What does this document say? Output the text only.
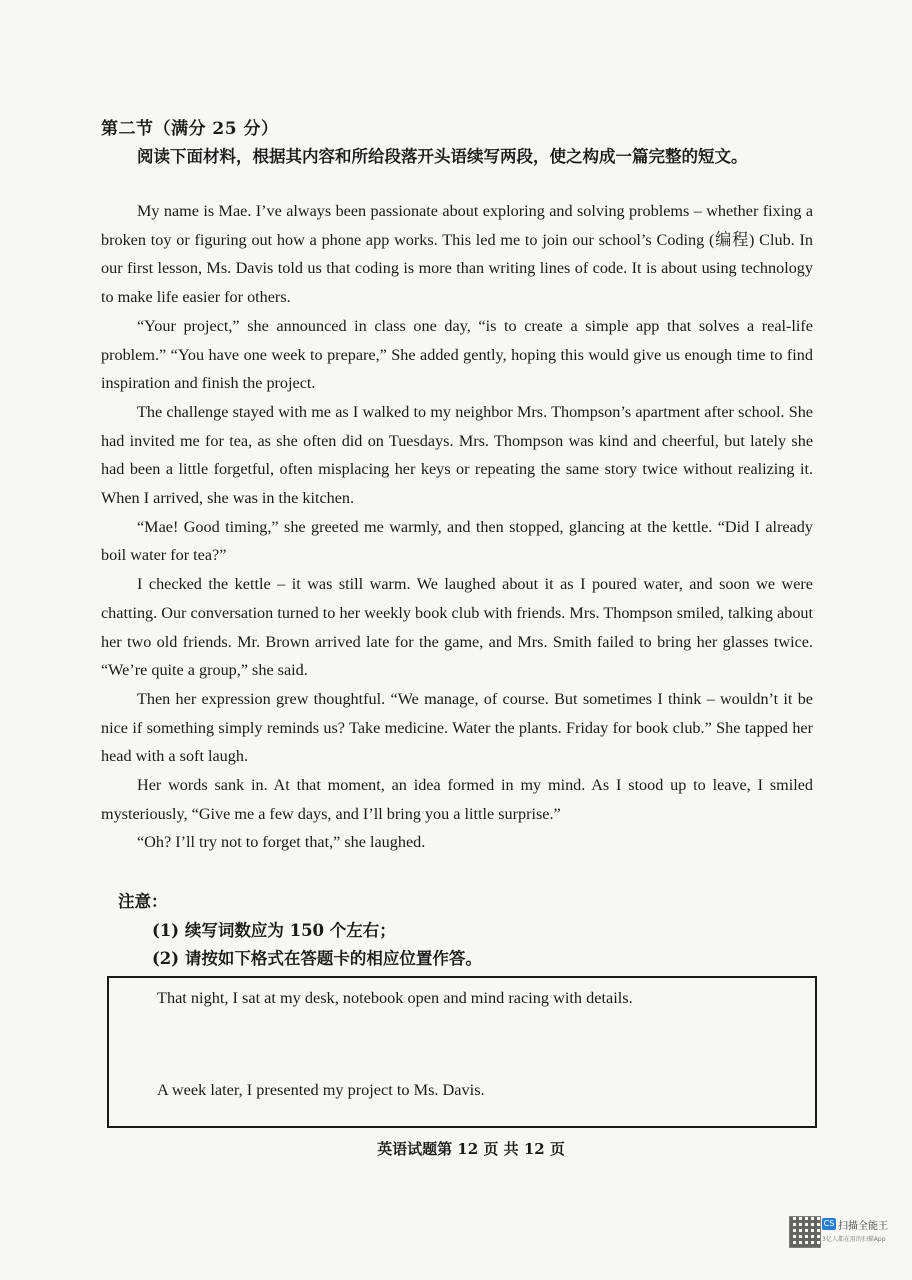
第二节（满分 25 分）
阅读下面材料，根据其内容和所给段落开头语续写两段，使之构成一篇完整的短文。

My name is Mae. I’ve always been passionate about exploring and solving problems – whether fixing a broken toy or figuring out how a phone app works. This led me to join our school’s Coding (编程) Club. In our first lesson, Ms. Davis told us that coding is more than writing lines of code. It is about using technology to make life easier for others.

“Your project,” she announced in class one day, “is to create a simple app that solves a real-life problem.” “You have one week to prepare,” She added gently, hoping this would give us enough time to find inspiration and finish the project.

The challenge stayed with me as I walked to my neighbor Mrs. Thompson’s apartment after school. She had invited me for tea, as she often did on Tuesdays. Mrs. Thompson was kind and cheerful, but lately she had been a little forgetful, often misplacing her keys or repeating the same story twice without realizing it. When I arrived, she was in the kitchen.

“Mae! Good timing,” she greeted me warmly, and then stopped, glancing at the kettle. “Did I already boil water for tea?”

I checked the kettle – it was still warm. We laughed about it as I poured water, and soon we were chatting. Our conversation turned to her weekly book club with friends. Mrs. Thompson smiled, talking about her two old friends. Mr. Brown arrived late for the game, and Mrs. Smith failed to bring her glasses twice. “We’re quite a group,” she said.

Then her expression grew thoughtful. “We manage, of course. But sometimes I think – wouldn’t it be nice if something simply reminds us? Take medicine. Water the plants. Friday for book club.” She tapped her head with a soft laugh.

Her words sank in. At that moment, an idea formed in my mind. As I stood up to leave, I smiled mysteriously, “Give me a few days, and I’ll bring you a little surprise.”

“Oh? I’ll try not to forget that,” she laughed.

注意：
(1) 续写词数应为 150 个左右；
(2) 请按如下格式在答题卡的相应位置作答。
That night, I sat at my desk, notebook open and mind racing with details.
A week later, I presented my project to Ms. Davis.
英语试题第 12 页 共 12 页
CS 扫描全能王
3亿人都在用的扫描App
